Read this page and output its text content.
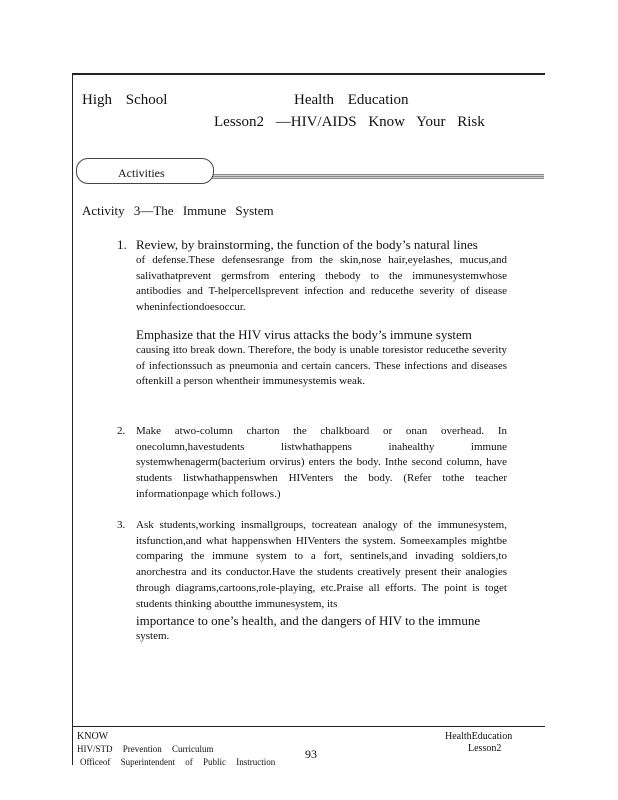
High School	Health Education
Lesson2 —HIV/AIDS Know Your Risk
Activities
Activity 3—The Immune System
1. Review, by brainstorming, the function of the body’s natural lines
of defense.These defensesrange from the skin,nose hair,eyelashes, mucus,and salivathatprevent germsfrom entering thebody to the immunesystemwhose antibodies and T-helpercellsprevent infection and reducethe severity of disease wheninfectiondoesoccur.
Emphasize that the HIV virus attacks the body’s immune system
causing itto break down. Therefore, the body is unable toresistor reducethe severity of infectionssuch as pneumonia and certain cancers. These infections and diseases oftenkill a person whentheir immunesystemis weak.
2. Make atwo-column charton the chalkboard or onan overhead. In onecolumn,havestudents listwhathappens inahealthy immune systemwhenagerm(bacterium orvirus) enters the body. Inthe second column, have students listwhathappenswhen HIVenters the body. (Refer tothe teacher informationpage which follows.)
3. Ask students,working insmallgroups, tocreatean analogy of the immunesystem, itsfunction,and what happenswhen HIVenters the system. Someexamples mightbe comparing the immune system to a fort, sentinels,and invading soldiers,to anorchestra and its conductor.Have the students creatively present their analogies through diagrams,cartoons,role-playing, etc.Praise all efforts. The point is toget students thinking aboutthe immunesystem, its
importance to one’s health, and the dangers of HIV to the immune
system.
KNOW
HIV/STD Prevention Curriculum
Officeof Superintendent of Public Instruction
93
HealthEducation
Lesson2
